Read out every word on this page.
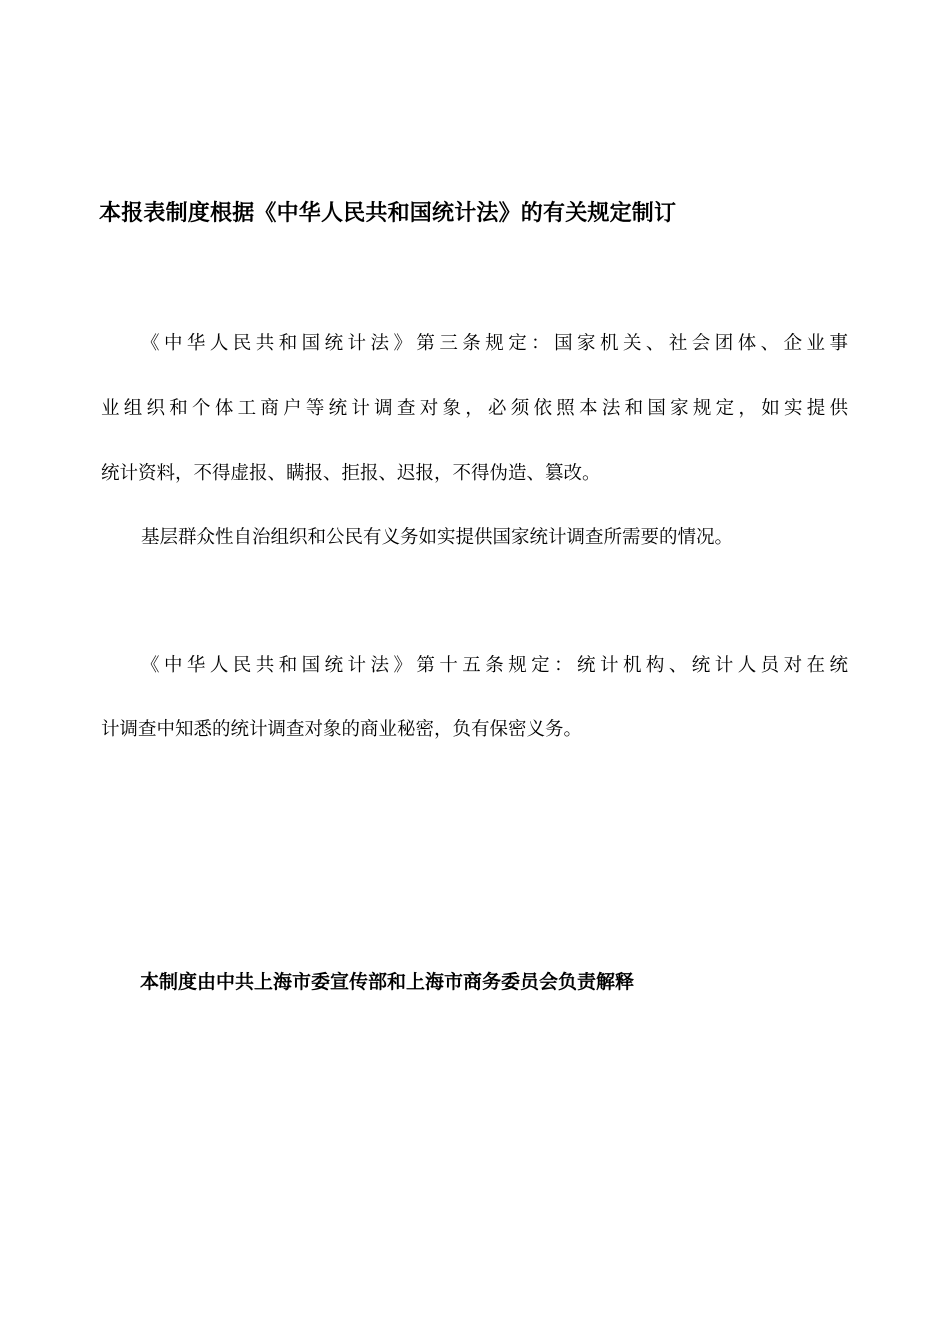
本报表制度根据《中华人民共和国统计法》的有关规定制订

《中华人民共和国统计法》第三条规定：国家机关、社会团体、企业事

业组织和个体工商户等统计调查对象，必须依照本法和国家规定，如实提供

统计资料，不得虚报、瞒报、拒报、迟报，不得伪造、篡改。

基层群众性自治组织和公民有义务如实提供国家统计调查所需要的情况。

《中华人民共和国统计法》第十五条规定：统计机构、统计人员对在统

计调查中知悉的统计调查对象的商业秘密，负有保密义务。

本制度由中共上海市委宣传部和上海市商务委员会负责解释
